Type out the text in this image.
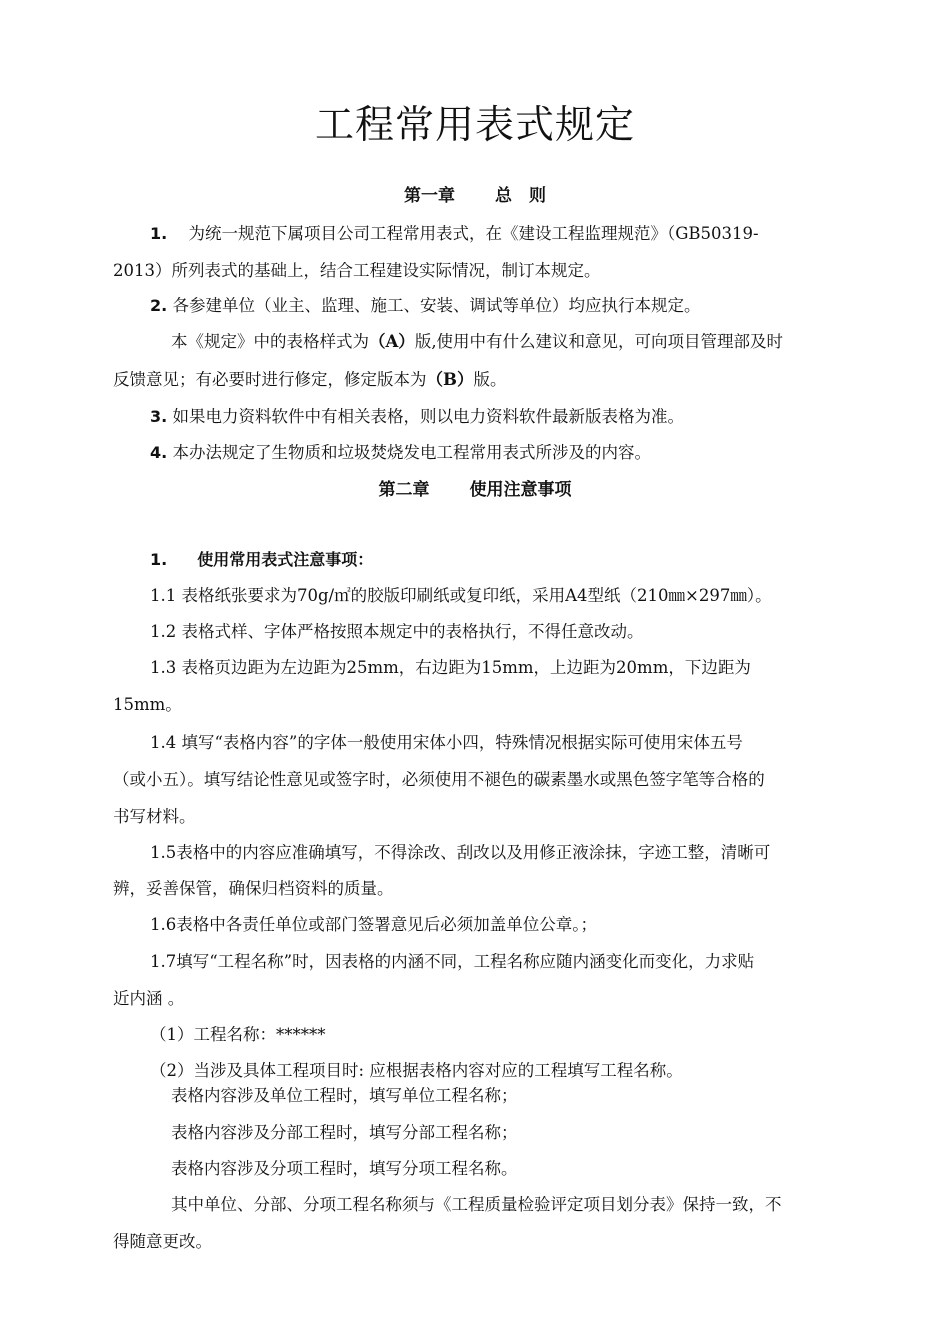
工程常用表式规定
第一章 总　则
1. 为统一规范下属项目公司工程常用表式，在《建设工程监理规范》（GB50319-
2013）所列表式的基础上，结合工程建设实际情况，制订本规定。
2. 各参建单位（业主、监理、施工、安装、调试等单位）均应执行本规定。
本《规定》中的表格样式为（A）版,使用中有什么建议和意见，可向项目管理部及时
反馈意见；有必要时进行修定，修定版本为（B）版。
3. 如果电力资料软件中有相关表格，则以电力资料软件最新版表格为准。
4. 本办法规定了生物质和垃圾焚烧发电工程常用表式所涉及的内容。
第二章 使用注意事项
1. 使用常用表式注意事项：
1.1 表格纸张要求为70g/㎡的胶版印刷纸或复印纸，采用A4型纸（210㎜×297㎜）。
1.2 表格式样、字体严格按照本规定中的表格执行，不得任意改动。
1.3 表格页边距为左边距为25mm，右边距为15mm，上边距为20mm，下边距为
15mm。
1.4 填写“表格内容”的字体一般使用宋体小四，特殊情况根据实际可使用宋体五号
（或小五）。填写结论性意见或签字时，必须使用不褪色的碳素墨水或黑色签字笔等合格的
书写材料。
1.5表格中的内容应准确填写，不得涂改、刮改以及用修正液涂抹，字迹工整，清晰可
辨，妥善保管，确保归档资料的质量。
1.6表格中各责任单位或部门签署意见后必须加盖单位公章。；
1.7填写“工程名称”时，因表格的内涵不同，工程名称应随内涵变化而变化，力求贴
近内涵 。
（1）工程名称：******
（2）当涉及具体工程项目时: 应根据表格内容对应的工程填写工程名称。
表格内容涉及单位工程时，填写单位工程名称；
表格内容涉及分部工程时，填写分部工程名称；
表格内容涉及分项工程时，填写分项工程名称。
其中单位、分部、分项工程名称须与《工程质量检验评定项目划分表》保持一致，不
得随意更改。
